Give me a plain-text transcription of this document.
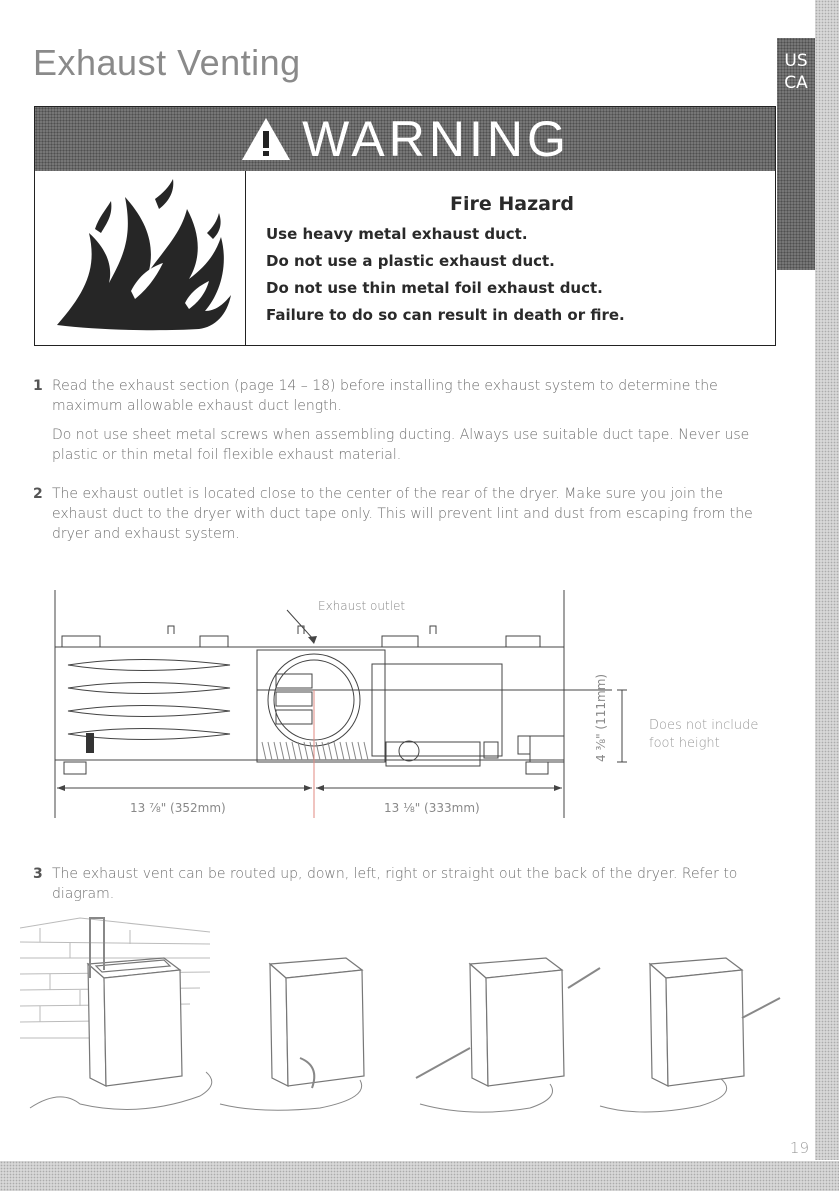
US
CA
Exhaust Venting
WARNING
Fire Hazard

Use heavy metal exhaust duct.

Do not use a plastic exhaust duct.

Do not use thin metal foil exhaust duct.

Failure to do so can result in death or fire.

1 Read the exhaust section (page 14 – 18) before installing the exhaust system to determine the maximum allowable exhaust duct length.
Do not use sheet metal screws when assembling ducting. Always use suitable duct tape. Never use plastic or thin metal foil flexible exhaust material.
2 The exhaust outlet is located close to the center of the rear of the dryer. Make sure you join the exhaust duct to the dryer with duct tape only. This will prevent lint and dust from escaping from the dryer and exhaust system.
Exhaust outlet
4 ⅜" (111mm)
13 ⅞" (352mm)	13 ⅛" (333mm)
Does not include
foot height
3 The exhaust vent can be routed up, down, left, right or straight out the back of the dryer. Refer to diagram.
19
